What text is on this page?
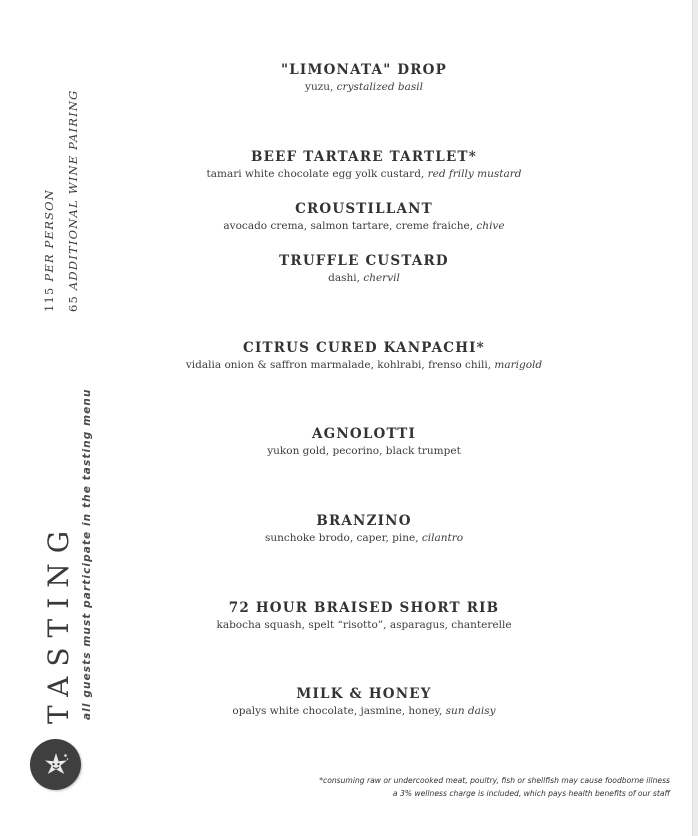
115 PER PERSON
65 ADDITIONAL WINE PAIRING
TASTING all guests must participate in the tasting menu
"LIMONATA" DROP
yuzu, crystalized basil
BEEF TARTARE TARTLET*
tamari white chocolate egg yolk custard, red frilly mustard
CROUSTILLANT
avocado crema, salmon tartare, creme fraiche, chive
TRUFFLE CUSTARD
dashi, chervil
CITRUS CURED KANPACHI*
vidalia onion & saffron marmalade, kohlrabi, frenso chili, marigold
AGNOLOTTI
yukon gold, pecorino, black trumpet
BRANZINO
sunchoke brodo, caper, pine, cilantro
72 HOUR BRAISED SHORT RIB
kabocha squash, spelt “risotto”, asparagus, chanterelle
MILK & HONEY
opalys white chocolate, jasmine, honey, sun daisy
*consuming raw or undercooked meat, poultry, fish or shellfish may cause foodborne illness
a 3% wellness charge is included, which pays health benefits of our staff
